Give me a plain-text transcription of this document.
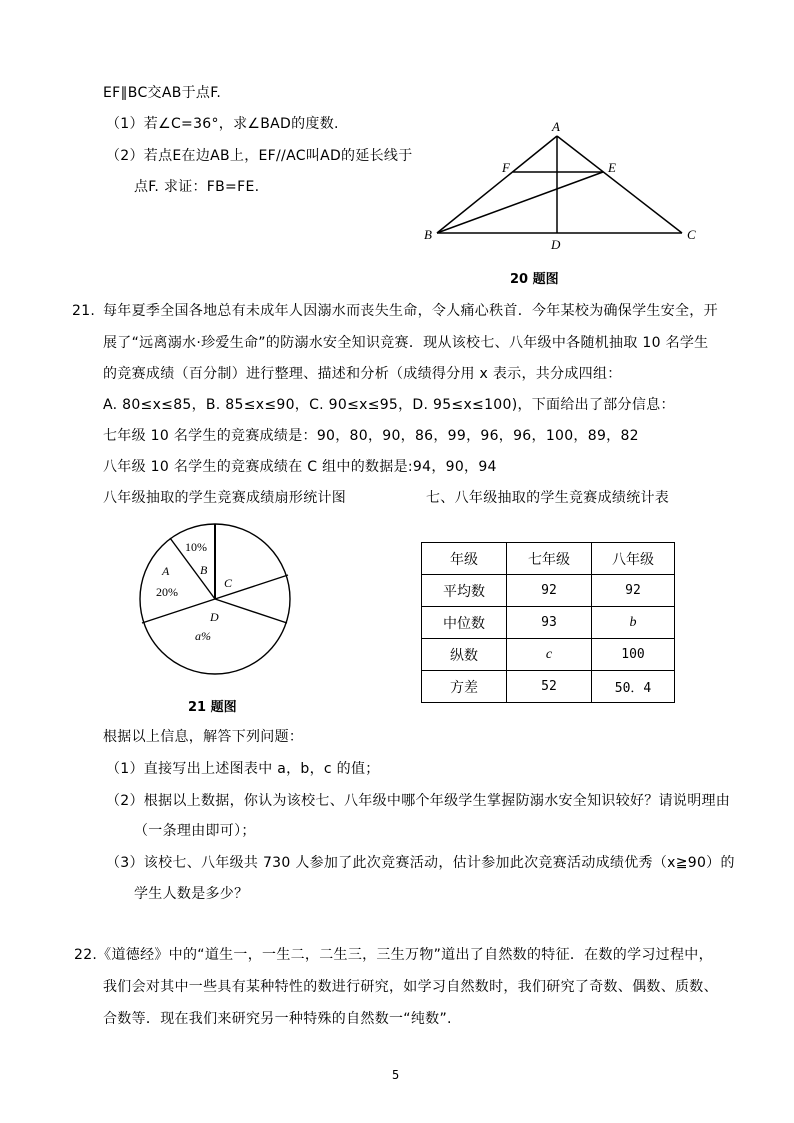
EF∥BC交AB于点F.
（1）若∠C=36°，求∠BAD的度数.
（2）若点E在边AB上，EF//AC叫AD的延长线于
点F. 求证：FB=FE.
A
F	E
B	C
D
20 题图
21. 每年夏季全国各地总有未成年人因溺水而丧失生命，令人痛心秩首．今年某校为确保学生安全，开
展了“远离溺水·珍爱生命”的防溺水安全知识竞赛．现从该校七、八年级中各随机抽取 10 名学生
的竞赛成绩（百分制）进行整理、描述和分析（成绩得分用 x 表示，共分成四组：
A. 80≤x≤85，B. 85≤x≤90，C. 90≤x≤95，D. 95≤x≤100)，下面给出了部分信息：
七年级 10 名学生的竞赛成绩是：90，80，90，86，99，96，96，100，89，82
八年级 10 名学生的竞赛成绩在 C 组中的数据是:94，90，94
八年级抽取的学生竞赛成绩扇形统计图	七、八年级抽取的学生竞赛成绩统计表
10%
B
A
20%
C
D
a%
21 题图
年级	七年级	八年级
平均数	92	92
中位数	93	b
纵数	c	100
方差	52	50．4
根据以上信息，解答下列问题：
（1）直接写出上述图表中 a，b，c 的值；
（2）根据以上数据，你认为该校七、八年级中哪个年级学生掌握防溺水安全知识较好？请说明理由
（一条理由即可）；
（3）该校七、八年级共 730 人参加了此次竞赛活动，估计参加此次竞赛活动成绩优秀（x≧90）的
学生人数是多少？
22.《道德经》中的“道生一，一生二，二生三，三生万物”道出了自然数的特征．在数的学习过程中，
我们会对其中一些具有某种特性的数进行研究，如学习自然数时，我们研究了奇数、偶数、质数、
合数等．现在我们来研究另一种特殊的自然数一“纯数”.
5
